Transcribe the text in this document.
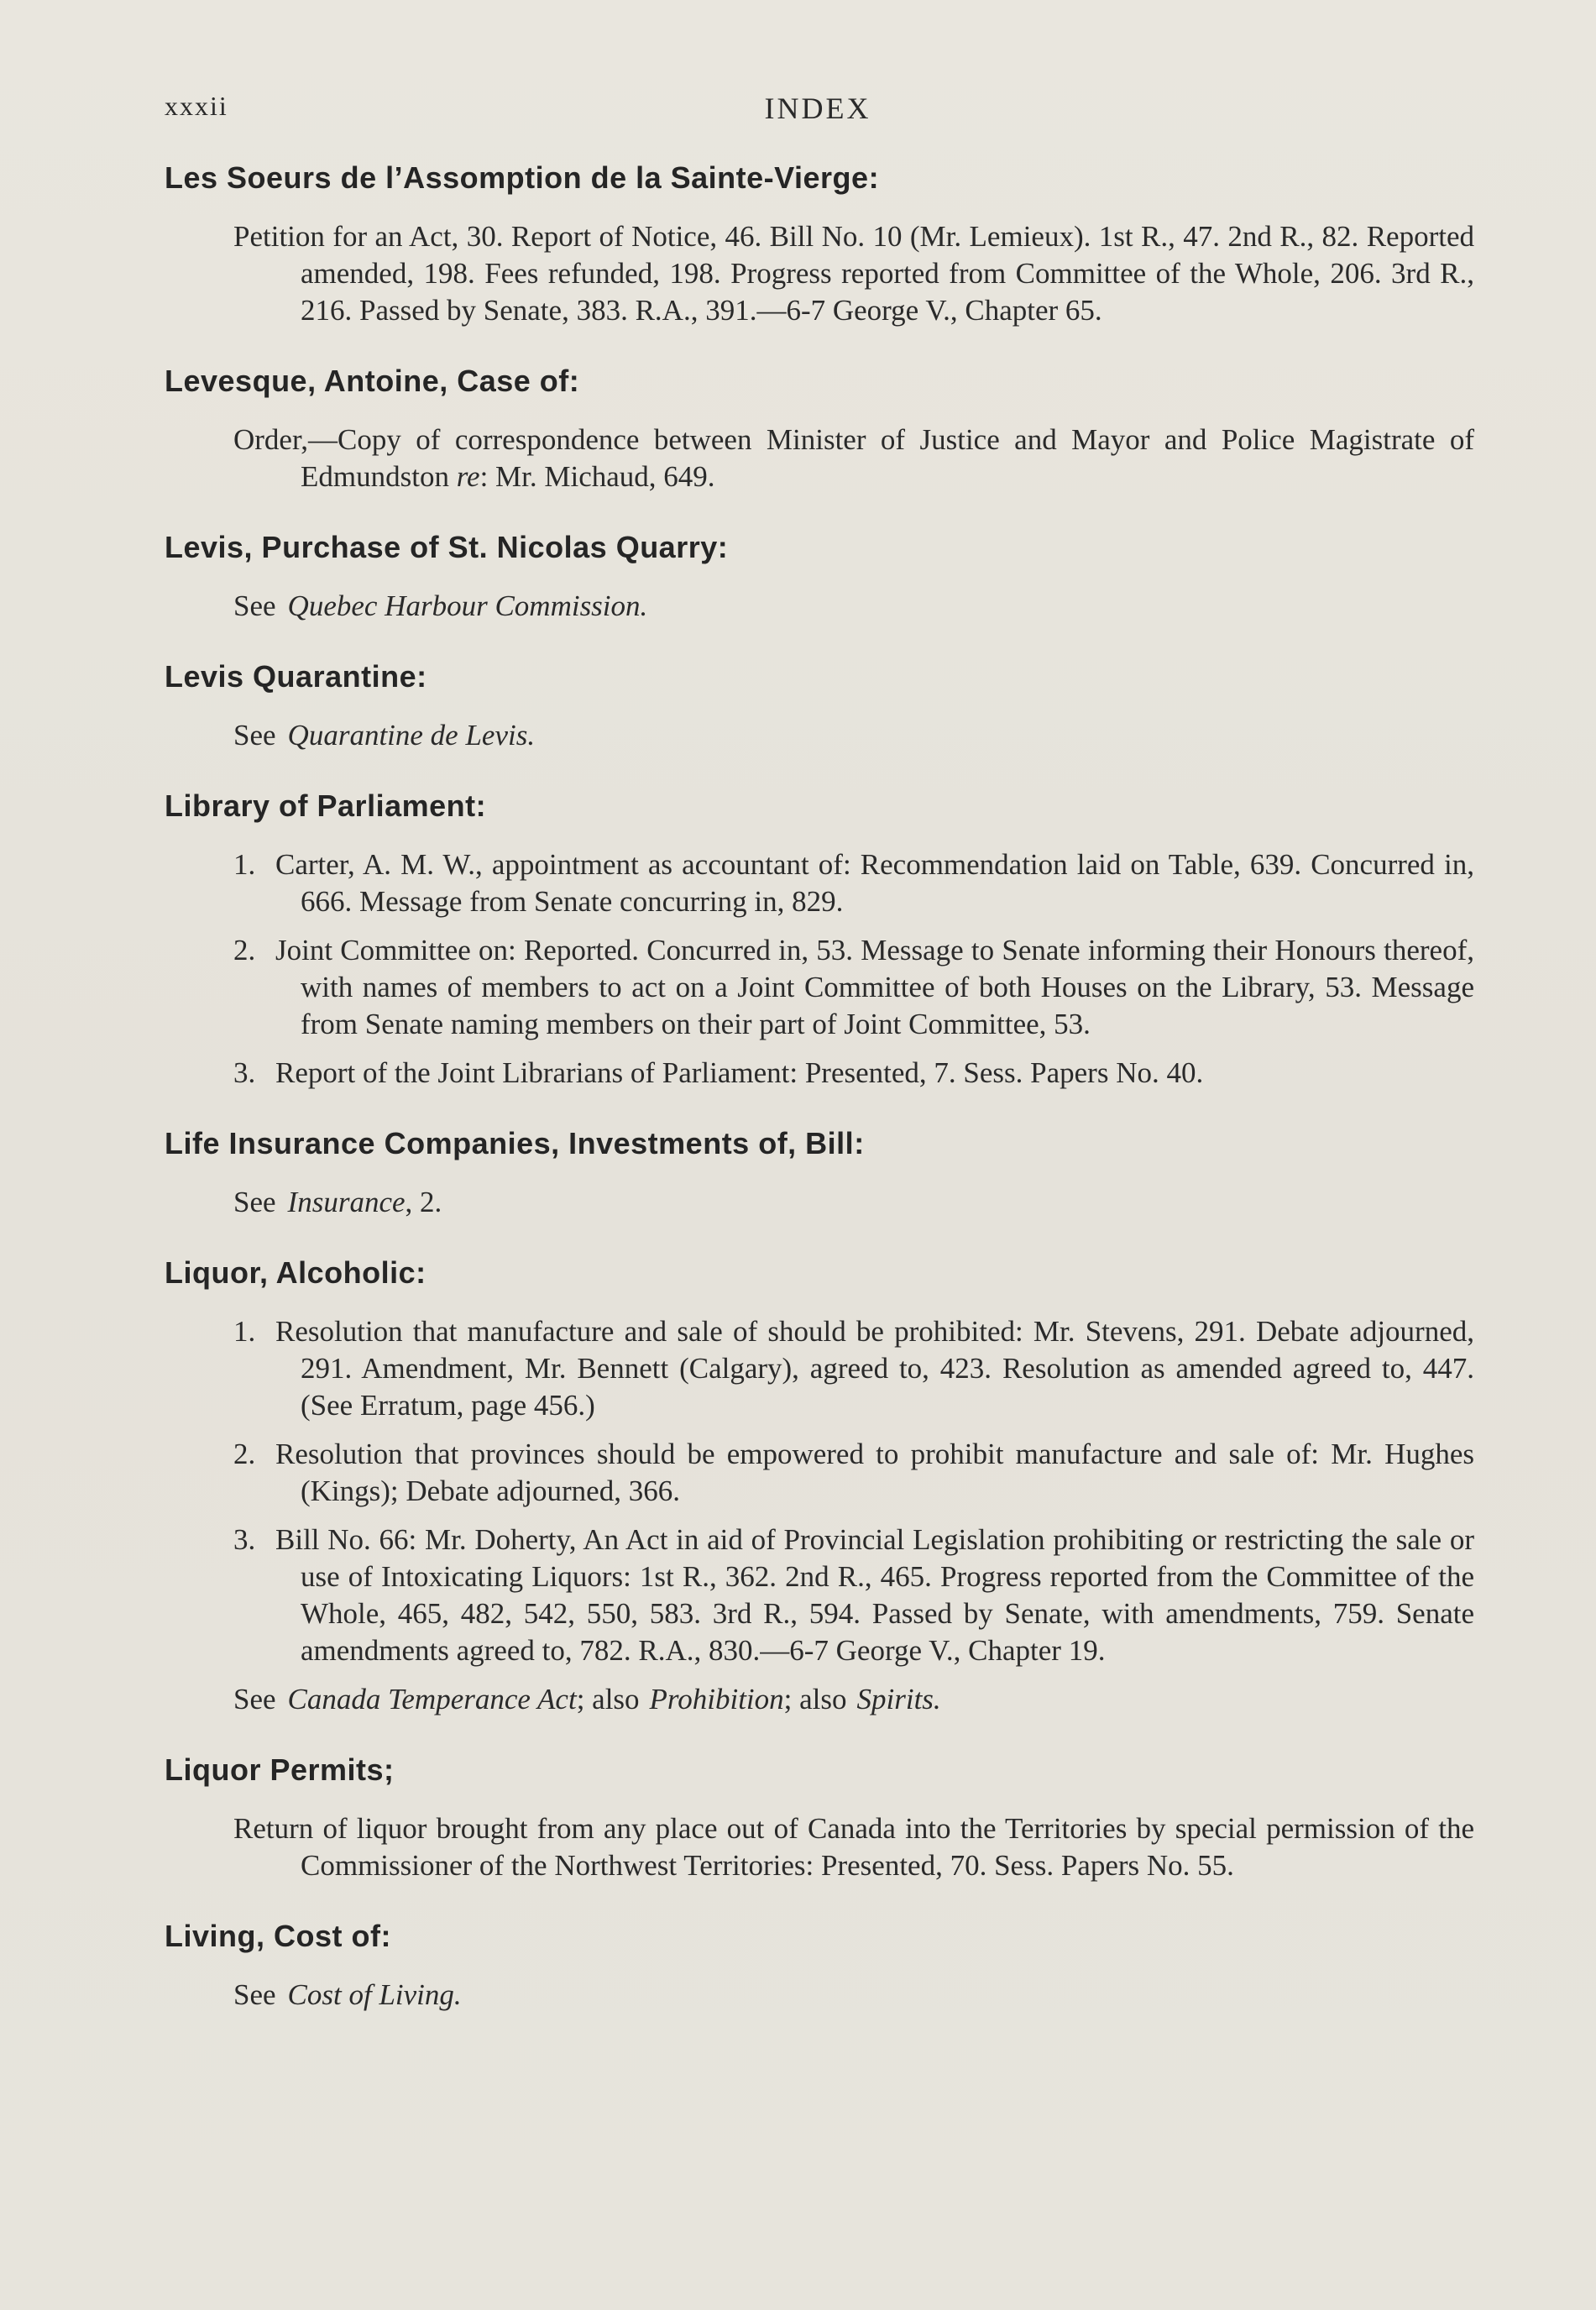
xxxii	INDEX
Les Soeurs de l’Assomption de la Sainte-Vierge:

Petition for an Act, 30. Report of Notice, 46. Bill No. 10 (Mr. Lemieux). 1st R., 47. 2nd R., 82. Reported amended, 198. Fees refunded, 198. Progress reported from Committee of the Whole, 206. 3rd R., 216. Passed by Senate, 383. R.A., 391.—6-7 George V., Chapter 65.

Levesque, Antoine, Case of:

Order,—Copy of correspondence between Minister of Justice and Mayor and Police Magistrate of Edmundston re: Mr. Michaud, 649.

Levis, Purchase of St. Nicolas Quarry:

See Quebec Harbour Commission.

Levis Quarantine:

See Quarantine de Levis.

Library of Parliament:

1. Carter, A. M. W., appointment as accountant of: Recommendation laid on Table, 639. Concurred in, 666. Message from Senate concurring in, 829.

2. Joint Committee on: Reported. Concurred in, 53. Message to Senate informing their Honours thereof, with names of members to act on a Joint Committee of both Houses on the Library, 53. Message from Senate naming members on their part of Joint Committee, 53.

3. Report of the Joint Librarians of Parliament: Presented, 7. Sess. Papers No. 40.

Life Insurance Companies, Investments of, Bill:

See Insurance, 2.

Liquor, Alcoholic:

1. Resolution that manufacture and sale of should be prohibited: Mr. Stevens, 291. Debate adjourned, 291. Amendment, Mr. Bennett (Calgary), agreed to, 423. Resolution as amended agreed to, 447. (See Erratum, page 456.)

2. Resolution that provinces should be empowered to prohibit manufacture and sale of: Mr. Hughes (Kings); Debate adjourned, 366.

3. Bill No. 66: Mr. Doherty, An Act in aid of Provincial Legislation prohibiting or restricting the sale or use of Intoxicating Liquors: 1st R., 362. 2nd R., 465. Progress reported from the Committee of the Whole, 465, 482, 542, 550, 583. 3rd R., 594. Passed by Senate, with amendments, 759. Senate amendments agreed to, 782. R.A., 830.—6-7 George V., Chapter 19.

See Canada Temperance Act; also Prohibition; also Spirits.

Liquor Permits;

Return of liquor brought from any place out of Canada into the Territories by special permission of the Commissioner of the Northwest Territories: Presented, 70. Sess. Papers No. 55.

Living, Cost of:

See Cost of Living.
